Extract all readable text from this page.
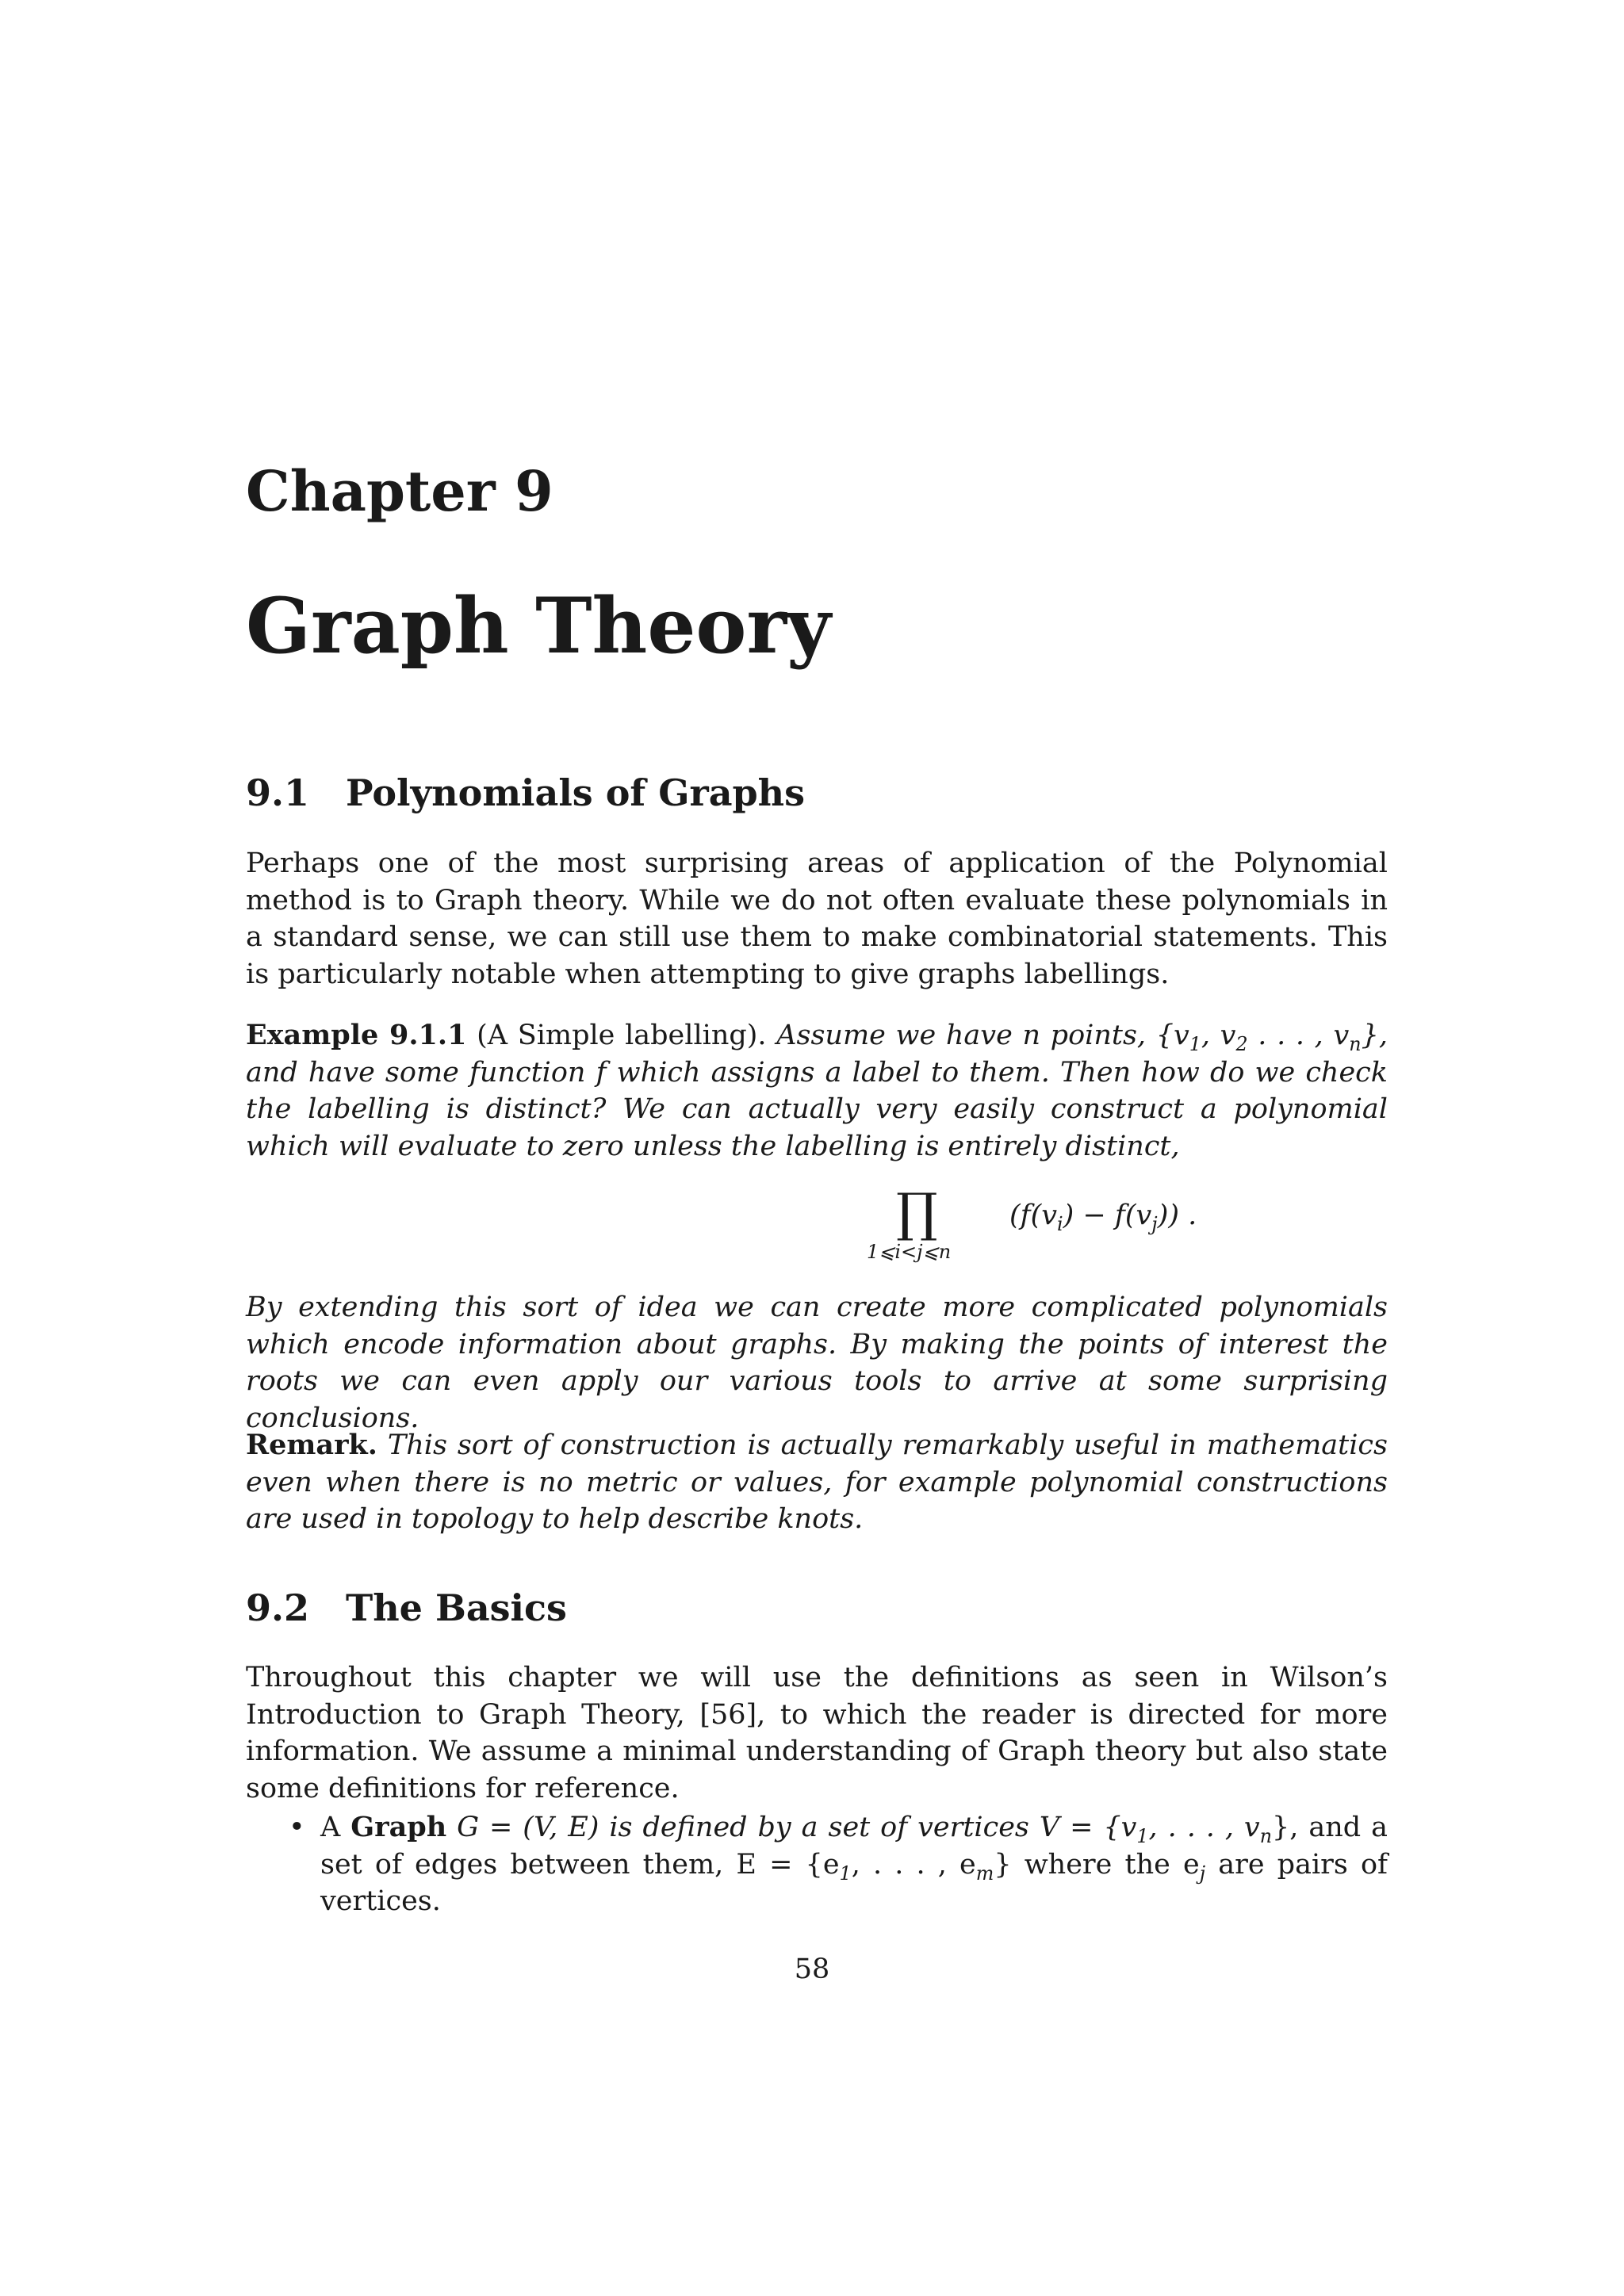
Chapter 9
Graph Theory
9.1 Polynomials of Graphs
Perhaps one of the most surprising areas of application of the Polynomial method is to Graph theory. While we do not often evaluate these polynomials in a standard sense, we can still use them to make combinatorial statements. This is particularly notable when attempting to give graphs labellings.
Example 9.1.1 (A Simple labelling). Assume we have n points, {$v_1$, $v_2$ . . . , $v_n$}, and have some function f which assigns a label to them. Then how do we check the labelling is distinct? We can actually very easily construct a polynomial which will evaluate to zero unless the labelling is entirely distinct,
∏
1⩽i<j⩽n
$(f(v_i) - f(v_j))$ .
By extending this sort of idea we can create more complicated polynomials which encode information about graphs. By making the points of interest the roots we can even apply our various tools to arrive at some surprising conclusions.
Remark. This sort of construction is actually remarkably useful in mathematics even when there is no metric or values, for example polynomial constructions are used in topology to help describe knots.
9.2 The Basics
Throughout this chapter we will use the definitions as seen in Wilson’s Introduction to Graph Theory, [56], to which the reader is directed for more information. We assume a minimal understanding of Graph theory but also state some definitions for reference.
• A Graph G = (V, E) is defined by a set of vertices $V = \{v_1$, . . . , $v_n$}, and a set of edges between them, $E = \{e_1$, . . . , $e_m$} where the $e_j$ are pairs of vertices.
58
